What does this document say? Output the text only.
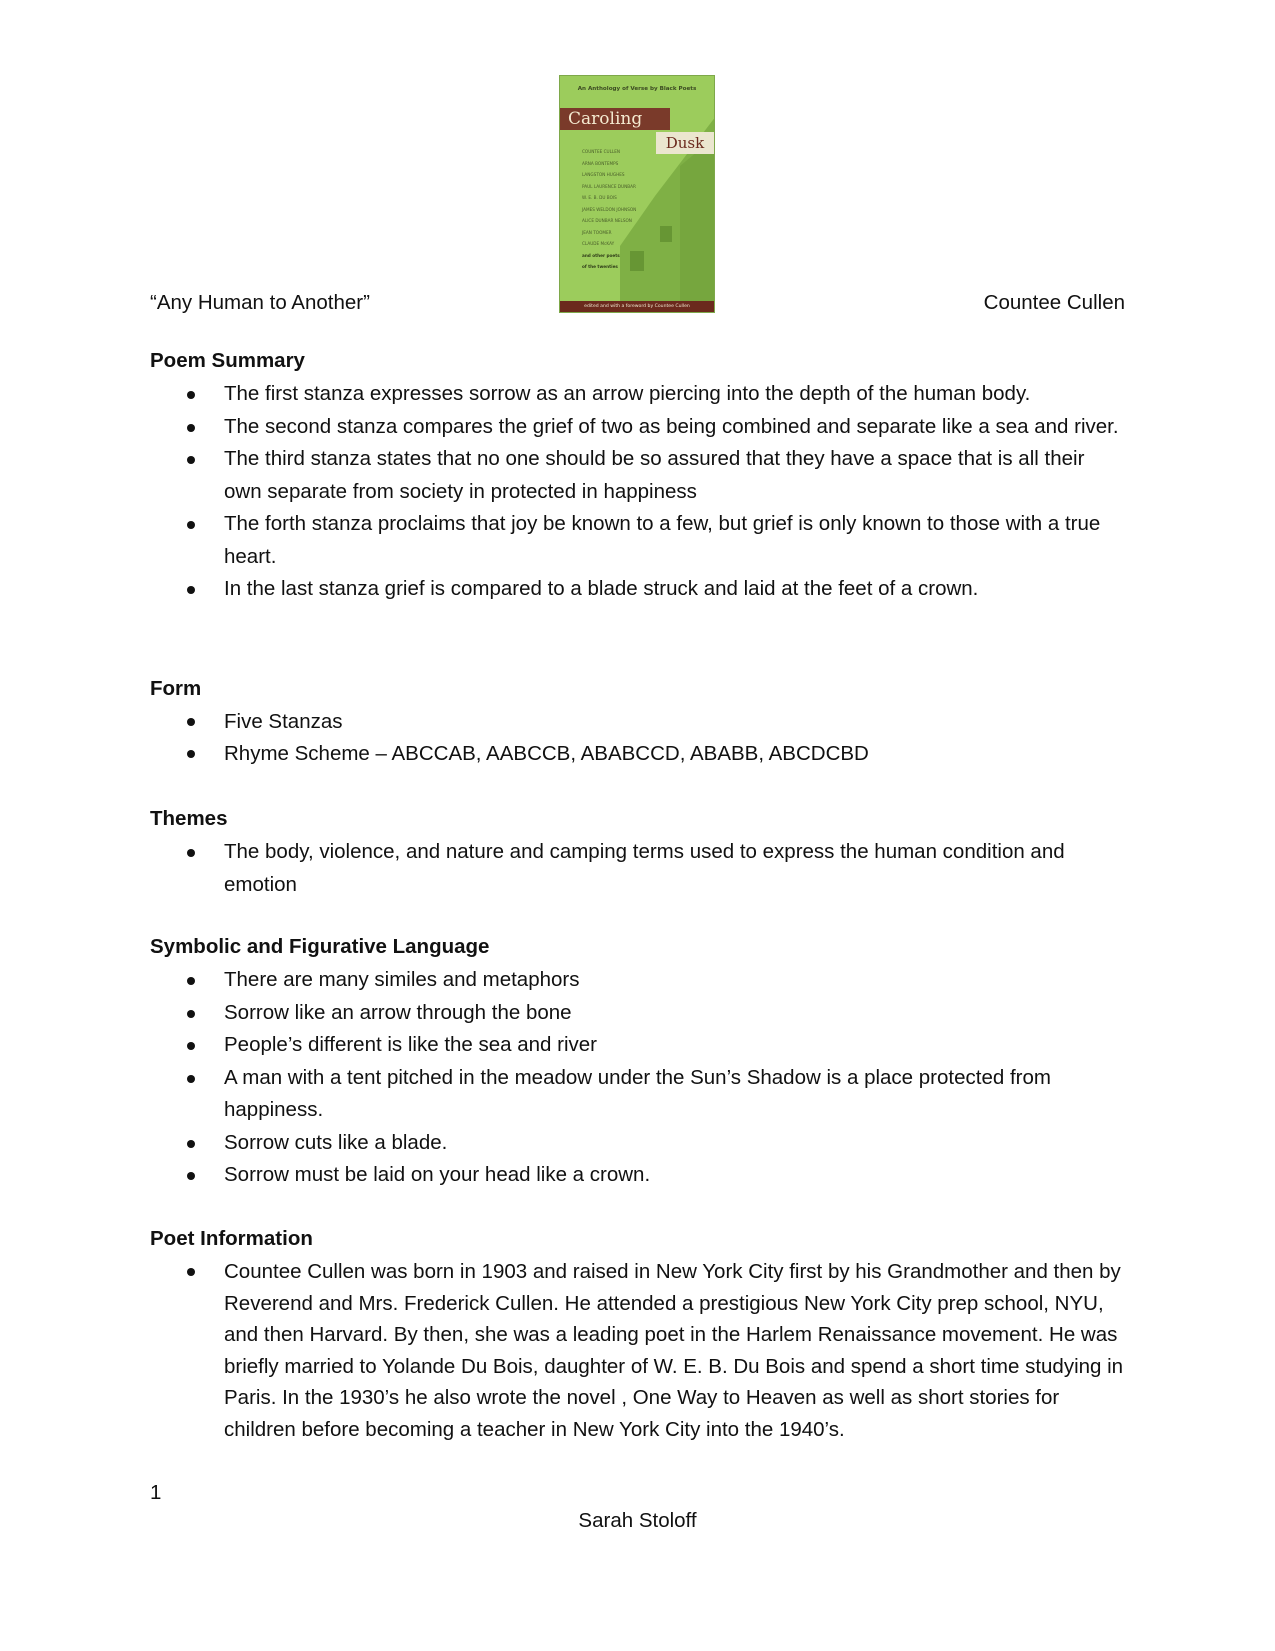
An Anthology of Verse by Black Poets
Caroling
Dusk
COUNTEE CULLEN
ARNA BONTEMPS
LANGSTON HUGHES
PAUL LAURENCE DUNBAR
W. E. B. DU BOIS
JAMES WELDON JOHNSON
ALICE DUNBAR NELSON
JEAN TOOMER
CLAUDE McKAY
and other poets
of the twenties
edited and with a foreword by Countee Cullen
“Any Human to Another”	Countee Cullen
Poem Summary
The first stanza expresses sorrow as an arrow piercing into the depth of the human body.
The second stanza compares the grief of two as being combined and separate like a sea and river.
The third stanza states that no one should be so assured that they have a space that is all their own separate from society in protected in happiness
The forth stanza proclaims that joy be known to a few, but grief is only known to those with a true heart.
In the last stanza grief is compared to a blade struck and laid at the feet of a crown.
Form
Five Stanzas
Rhyme Scheme – ABCCAB, AABCCB, ABABCCD, ABABB, ABCDCBD
Themes
The body, violence, and nature and camping terms used to express the human condition and emotion
Symbolic and Figurative Language
There are many similes and metaphors
Sorrow like an arrow through the bone
People’s different is like the sea and river
A man with a tent pitched in the meadow under the Sun’s Shadow is a place protected from happiness.
Sorrow cuts like a blade.
Sorrow must be laid on your head like a crown.
Poet Information
Countee Cullen was born in 1903 and raised in New York City first by his Grandmother and then by Reverend and Mrs. Frederick Cullen. He attended a prestigious New York City prep school, NYU, and then Harvard. By then, she was a leading poet in the Harlem Renaissance movement. He was briefly married to Yolande Du Bois, daughter of W. E. B. Du Bois and spend a short time studying in Paris. In the 1930’s he also wrote the novel , One Way to Heaven as well as short stories for children before becoming a teacher in New York City into the 1940’s.
1
Sarah Stoloff
